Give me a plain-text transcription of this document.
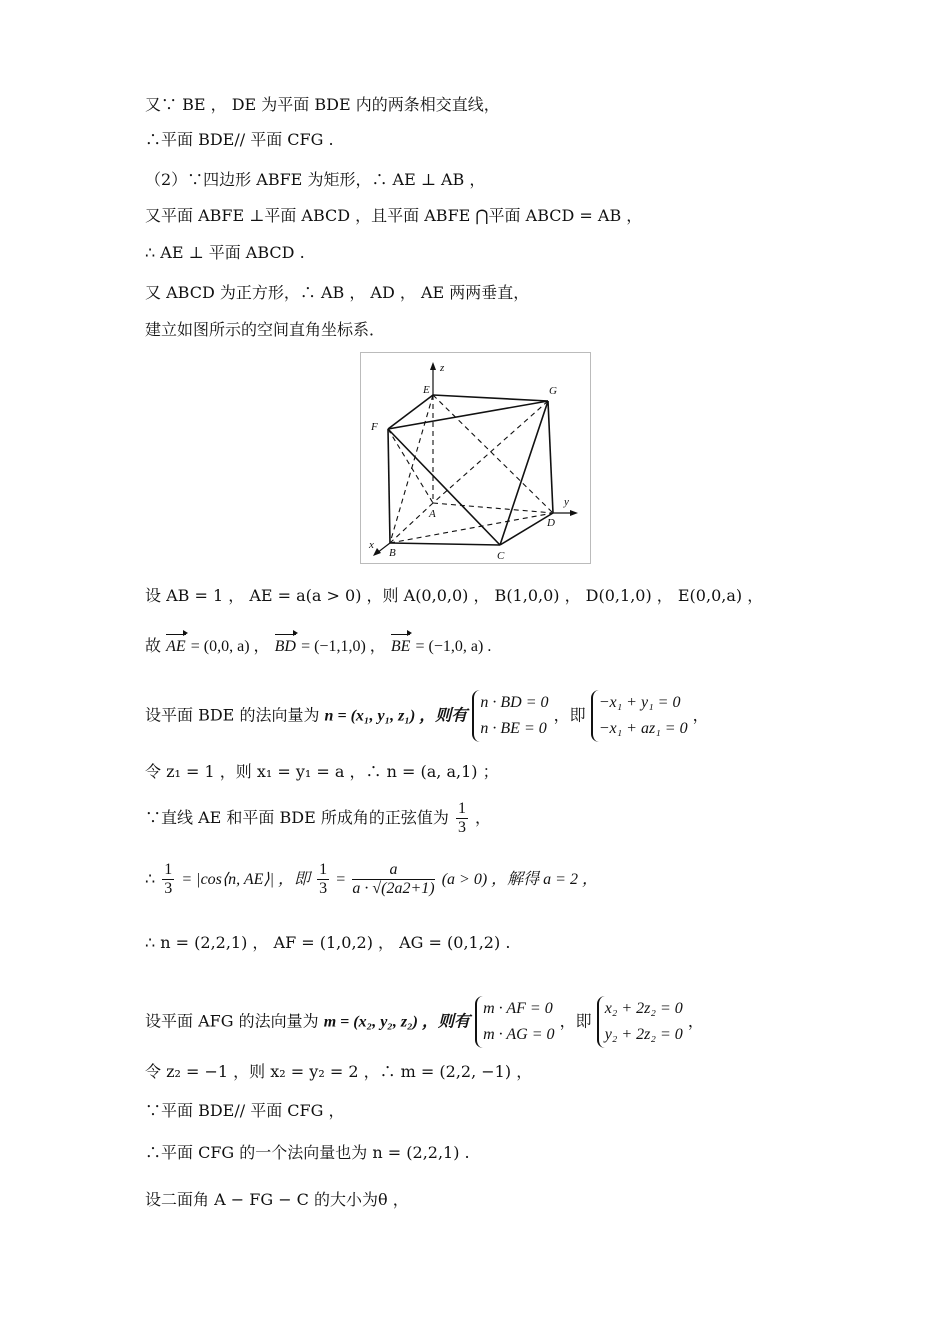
又∵ BE ， DE 为平面 BDE 内的两条相交直线，
∴平面 BDE// 平面 CFG .
（2）∵四边形 ABFE 为矩形，∴ AE ⊥ AB ，
又平面 ABFE ⊥平面 ABCD ，且平面 ABFE ⋂平面 ABCD = AB ，
∴ AE ⊥ 平面 ABCD .
又 ABCD 为正方形，∴ AB ， AD ， AE 两两垂直，
建立如图所示的空间直角坐标系．
z
y
x
E	G
F
A
D
B	C
设 AB = 1 ， AE = a(a > 0) ，则 A(0,0,0) ， B(1,0,0) ， D(0,1,0) ， E(0,0,a) ，
故 AE = (0,0, a) ， BD = (−1,1,0) ， BE = (−1,0, a) .
设平面 BDE 的法向量为 n = (x₁, y₁, z₁) ，则有
n · BD = 0
n · BE = 0
，即
−x₁ + y₁ = 0
−x₁ + az₁ = 0
，
令 z₁ = 1 ，则 x₁ = y₁ = a ，∴ n = (a, a,1) ；
∵直线 AE 和平面 BDE 所成角的正弦值为 $\frac{1}{3}$ ，
∴ $\frac{1}{3}$ = |cos⟨n, AE⟩| ，即 $\frac{1}{3} = \frac{a}{a \cdot √(2a2+1)} (a > 0)$ ，解得 a = 2 ，
∴ n = (2,2,1) ， AF = (1,0,2) ， AG = (0,1,2) .
设平面 AFG 的法向量为 m = (x₂, y₂, z₂) ，则有
m · AF = 0
m · AG = 0
，即
x₂ + 2z₂ = 0
y₂ + 2z₂ = 0
，
令 z₂ = −1 ，则 x₂ = y₂ = 2 ，∴ m = (2,2, −1) ，
∵平面 BDE// 平面 CFG ，
∴平面 CFG 的一个法向量也为 n = (2,2,1) .
设二面角 A − FG − C 的大小为θ ，
